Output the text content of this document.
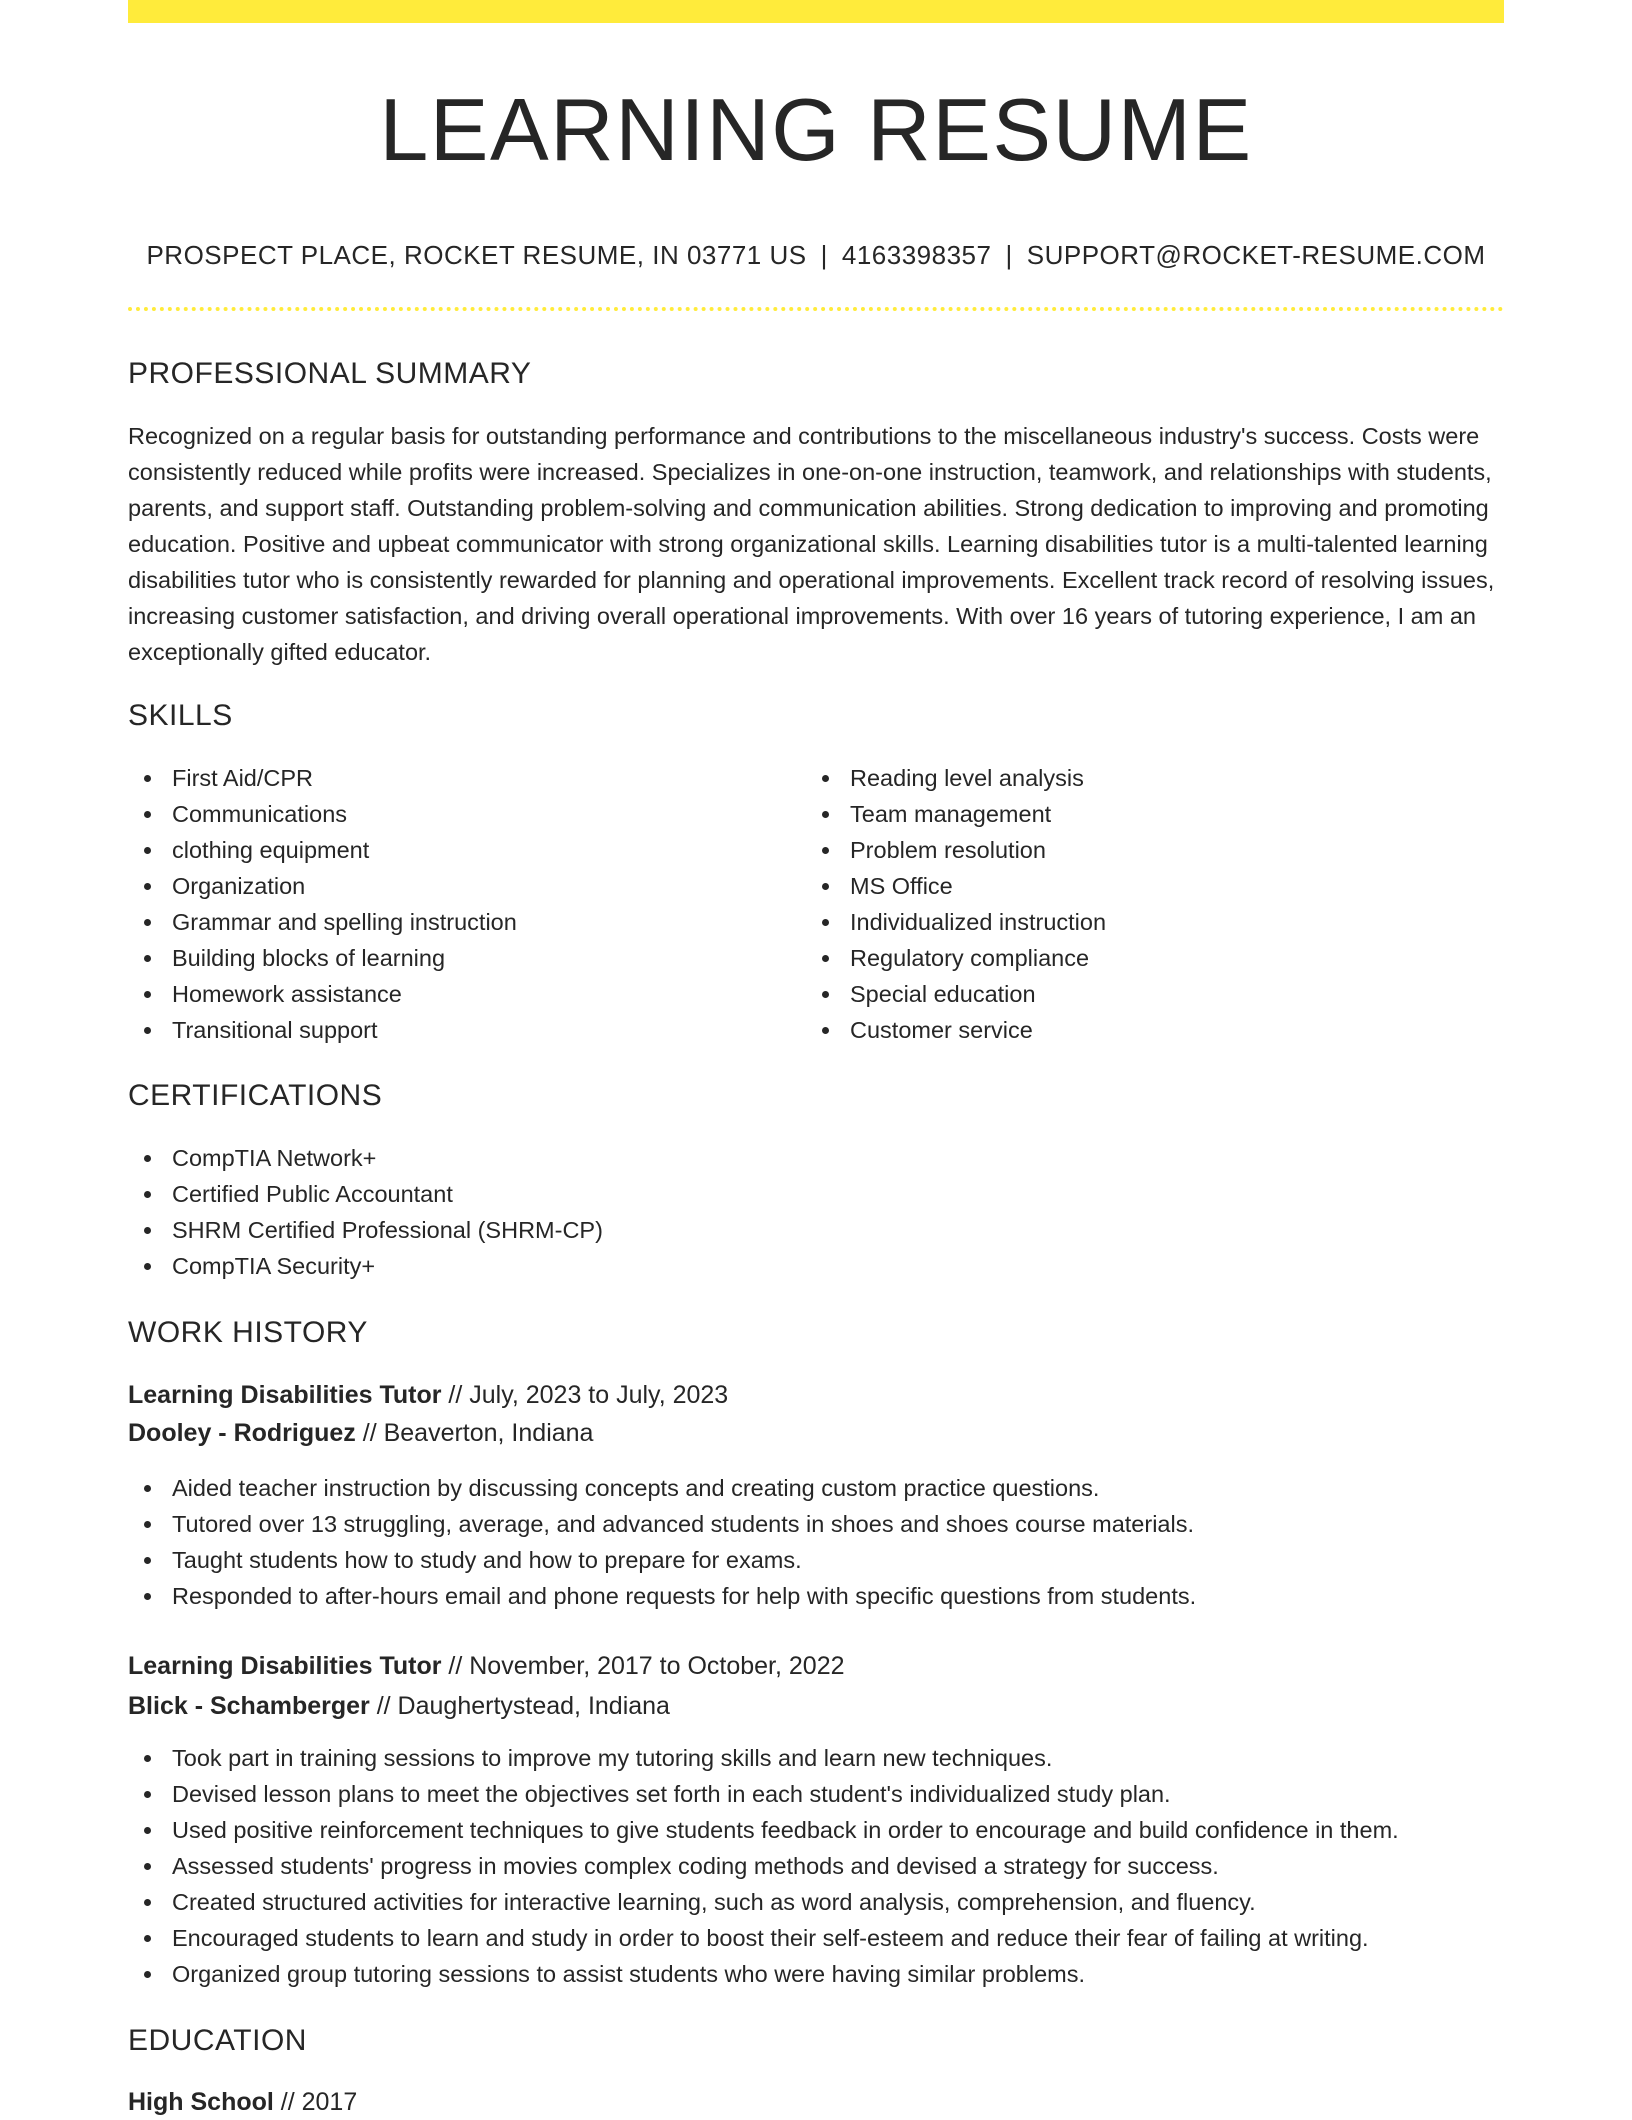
LEARNING RESUME
PROSPECT PLACE, ROCKET RESUME, IN 03771 US | 4163398357 | SUPPORT@ROCKET-RESUME.COM
PROFESSIONAL SUMMARY
Recognized on a regular basis for outstanding performance and contributions to the miscellaneous industry's success. Costs were consistently reduced while profits were increased. Specializes in one-on-one instruction, teamwork, and relationships with students, parents, and support staff. Outstanding problem-solving and communication abilities. Strong dedication to improving and promoting education. Positive and upbeat communicator with strong organizational skills. Learning disabilities tutor is a multi-talented learning disabilities tutor who is consistently rewarded for planning and operational improvements. Excellent track record of resolving issues, increasing customer satisfaction, and driving overall operational improvements. With over 16 years of tutoring experience, I am an exceptionally gifted educator.
SKILLS
First Aid/CPR
Communications
clothing equipment
Organization
Grammar and spelling instruction
Building blocks of learning
Homework assistance
Transitional support
Reading level analysis
Team management
Problem resolution
MS Office
Individualized instruction
Regulatory compliance
Special education
Customer service
CERTIFICATIONS
CompTIA Network+
Certified Public Accountant
SHRM Certified Professional (SHRM-CP)
CompTIA Security+
WORK HISTORY
Learning Disabilities Tutor // July, 2023 to July, 2023
Dooley - Rodriguez // Beaverton, Indiana
Aided teacher instruction by discussing concepts and creating custom practice questions.
Tutored over 13 struggling, average, and advanced students in shoes and shoes course materials.
Taught students how to study and how to prepare for exams.
Responded to after-hours email and phone requests for help with specific questions from students.
Learning Disabilities Tutor // November, 2017 to October, 2022
Blick - Schamberger // Daughertystead, Indiana
Took part in training sessions to improve my tutoring skills and learn new techniques.
Devised lesson plans to meet the objectives set forth in each student's individualized study plan.
Used positive reinforcement techniques to give students feedback in order to encourage and build confidence in them.
Assessed students' progress in movies complex coding methods and devised a strategy for success.
Created structured activities for interactive learning, such as word analysis, comprehension, and fluency.
Encouraged students to learn and study in order to boost their self-esteem and reduce their fear of failing at writing.
Organized group tutoring sessions to assist students who were having similar problems.
EDUCATION
High School // 2017
